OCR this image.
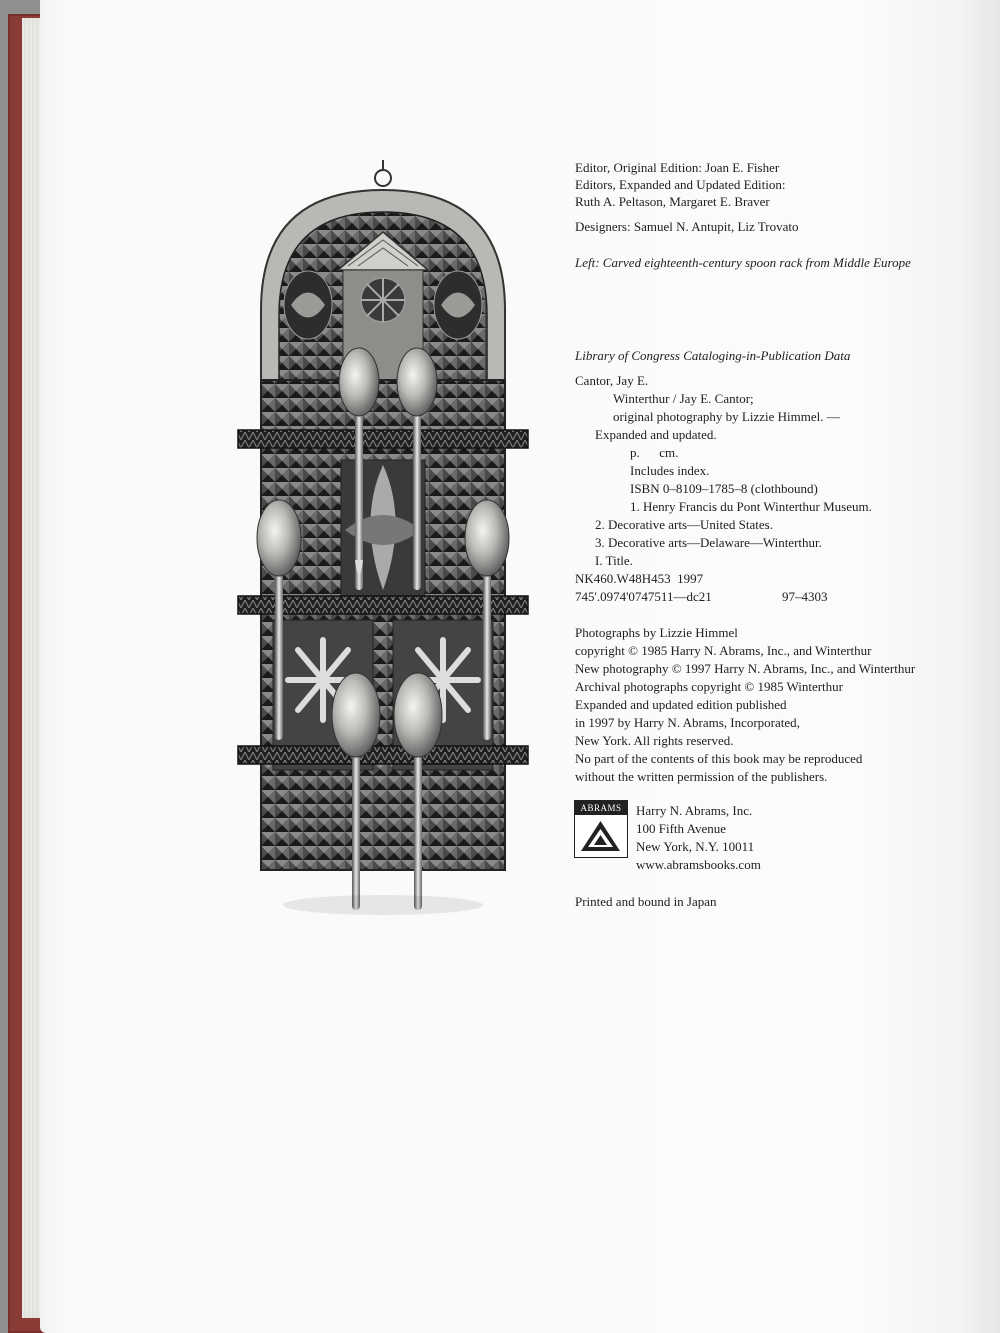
Editor, Original Edition: Joan E. Fisher
Editors, Expanded and Updated Edition:
Ruth A. Peltason, Margaret E. Braver
Designers: Samuel N. Antupit, Liz Trovato
Left: Carved eighteenth-century spoon rack from Middle Europe
Library of Congress Cataloging-in-Publication Data
Cantor, Jay E.
Winterthur / Jay E. Cantor;
original photography by Lizzie Himmel. —
Expanded and updated.
p.      cm.
Includes index.
ISBN 0–8109–1785–8 (clothbound)
1. Henry Francis du Pont Winterthur Museum.
2. Decorative arts—United States.
3. Decorative arts—Delaware—Winterthur.
I. Title.
NK460.W48H453  1997
745'.0974'0747511—dc21	97–4303
Photographs by Lizzie Himmel
copyright © 1985 Harry N. Abrams, Inc., and Winterthur
New photography © 1997 Harry N. Abrams, Inc., and Winterthur
Archival photographs copyright © 1985 Winterthur
Expanded and updated edition published
in 1997 by Harry N. Abrams, Incorporated,
New York. All rights reserved.
No part of the contents of this book may be reproduced
without the written permission of the publishers.
ABRAMS	Harry N. Abrams, Inc.
100 Fifth Avenue
New York, N.Y. 10011
www.abramsbooks.com
Printed and bound in Japan
